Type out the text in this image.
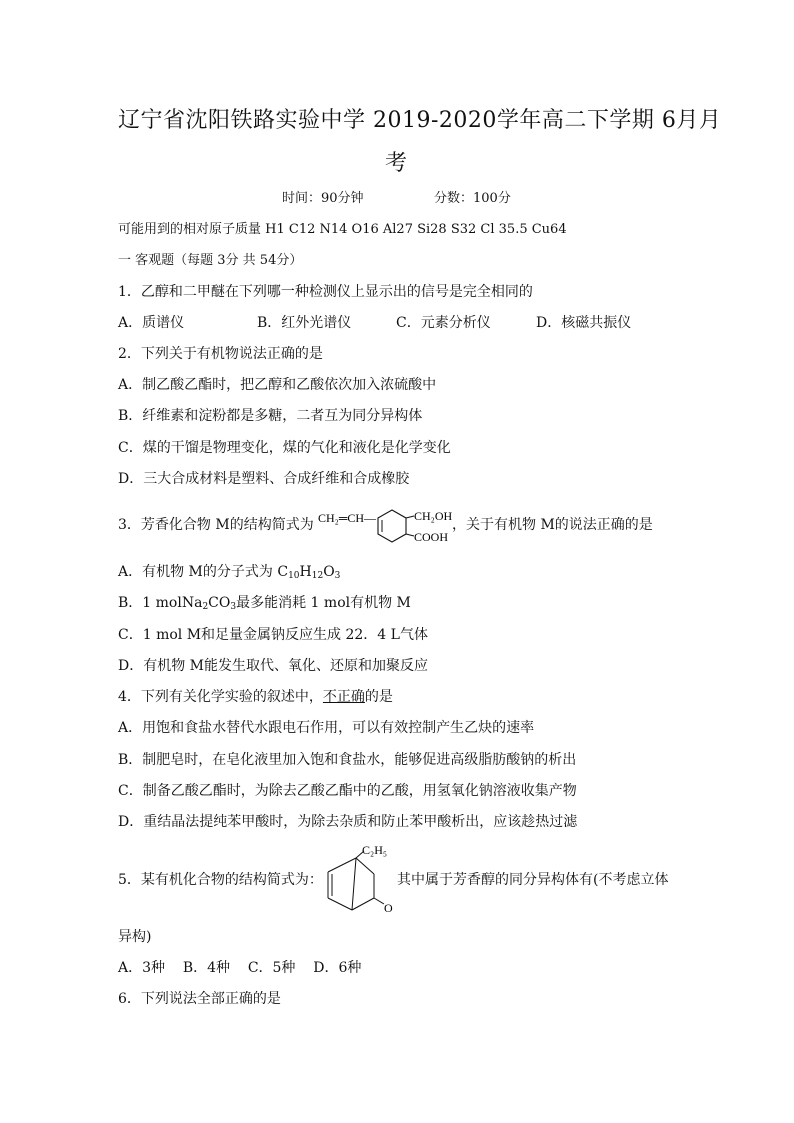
辽宁省沈阳铁路实验中学 2019-2020学年高二下学期 6月月
考
时间：90分钟	分数：100分
可能用到的相对原子质量 H1 C12 N14 O16 Al27 Si28 S32 Cl 35.5 Cu64
一 客观题（每题 3分 共 54分）
1．乙醇和二甲醚在下列哪一种检测仪上显示出的信号是完全相同的
A．质谱仪	B．红外光谱仪	C．元素分析仪	D．核磁共振仪
2．下列关于有机物说法正确的是
A．制乙酸乙酯时，把乙醇和乙酸依次加入浓硫酸中
B．纤维素和淀粉都是多糖，二者互为同分异构体
C．煤的干馏是物理变化，煤的气化和液化是化学变化
D．三大合成材料是塑料、合成纤维和合成橡胶
3．芳香化合物 M的结构简式为 CH₂═CH—	CH₂OH
COOH
，关于有机物 M的说法正确的是
A．有机物 M的分子式为 $C_{10}H_{12}O_3$
B．1 $molNa_2CO_3$最多能消耗 1 mol有机物 M
C．1 mol M和足量金属钠反应生成 22．4 L气体
D．有机物 M能发生取代、氧化、还原和加聚反应
4．下列有关化学实验的叙述中，不正确的是
A．用饱和食盐水替代水跟电石作用，可以有效控制产生乙炔的速率
B．制肥皂时，在皂化液里加入饱和食盐水，能够促进高级脂肪酸钠的析出
C．制备乙酸乙酯时，为除去乙酸乙酯中的乙酸，用氢氧化钠溶液收集产物
D．重结晶法提纯苯甲酸时，为除去杂质和防止苯甲酸析出，应该趁热过滤
5．某有机化合物的结构简式为：
C₂H₅
O
其中属于芳香醇的同分异构体有(不考虑立体
异构)
A．3种    B．4种    C．5种    D．6种
6．下列说法全部正确的是
